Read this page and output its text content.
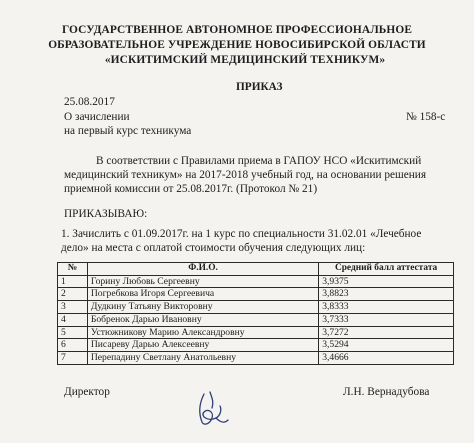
ГОСУДАРСТВЕННОЕ АВТОНОМНОЕ ПРОФЕССИОНАЛЬНОЕ
ОБРАЗОВАТЕЛЬНОЕ УЧРЕЖДЕНИЕ НОВОСИБИРСКОЙ ОБЛАСТИ
«ИСКИТИМСКИЙ МЕДИЦИНСКИЙ ТЕХНИКУМ»
ПРИКАЗ
25.08.2017
О зачислении	№ 158-с
на первый курс техникума
В соответствии с Правилами приема в ГАПОУ НСО «Искитимский
медицинский техникум» на 2017-2018 учебный год, на основании решения
приемной комиссии от 25.08.2017г. (Протокол № 21)
ПРИКАЗЫВАЮ:
1. Зачислить с 01.09.2017г. на 1 курс по специальности 31.02.01 «Лечебное
дело» на места с оплатой стоимости обучения следующих лиц:
№	Ф.И.О.	Средний балл аттестата
1	Горину Любовь Сергеевну	3,9375
2	Погребкова Игоря Сергеевича	3,8823
3	Дудкину Татьяну Викторовну	3,8333
4	Бобренок Дарью Ивановну	3,7333
5	Устюжникову Марию Александровну	3,7272
6	Писареву Дарью Алексеевну	3,5294
7	Перепадину Светлану Анатольевну	3,4666
Директор	Л.Н. Вернадубова
